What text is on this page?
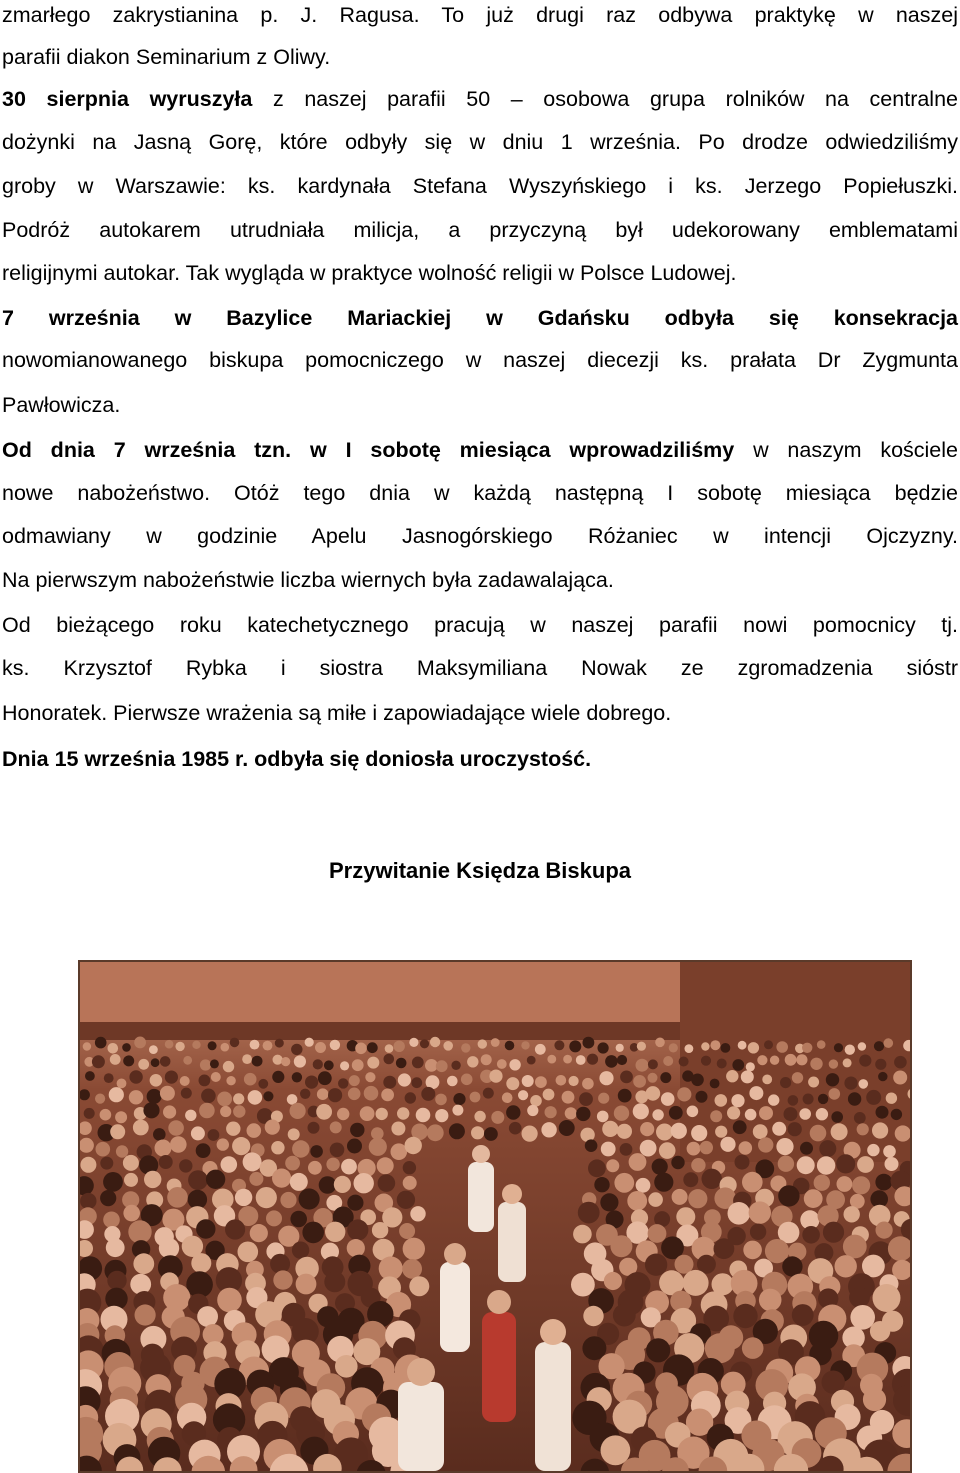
zmarłego zakrystianina p. J. Ragusa. To już drugi raz odbywa praktykę w naszej
parafii diakon Seminarium z Oliwy.
30 sierpnia wyruszyła z naszej parafii 50 – osobowa grupa rolników na centralne
dożynki na Jasną Gorę, które odbyły się w dniu 1 września. Po drodze odwiedziliśmy
groby w Warszawie: ks. kardynała Stefana Wyszyńskiego i ks. Jerzego Popiełuszki.
Podróż autokarem utrudniała milicja, a przyczyną był udekorowany emblematami
religijnymi autokar. Tak wygląda w praktyce wolność religii w Polsce Ludowej.
7 września w Bazylice Mariackiej w Gdańsku odbyła się konsekracja
nowomianowanego biskupa pomocniczego w naszej diecezji ks. prałata Dr Zygmunta
Pawłowicza.
Od dnia 7 września tzn. w I sobotę miesiąca wprowadziliśmy w naszym kościele
nowe nabożeństwo. Otóż tego dnia w każdą następną I sobotę miesiąca będzie
odmawiany w godzinie Apelu Jasnogórskiego Różaniec w intencji Ojczyzny.
Na pierwszym nabożeństwie liczba wiernych była zadawalająca.
Od bieżącego roku katechetycznego pracują w naszej parafii nowi pomocnicy tj.
ks. Krzysztof Rybka i siostra Maksymiliana Nowak ze zgromadzenia sióstr
Honoratek. Pierwsze wrażenia są miłe i zapowiadające wiele dobrego.
Dnia 15 września 1985 r. odbyła się doniosła uroczystość.
Przywitanie Księdza Biskupa
